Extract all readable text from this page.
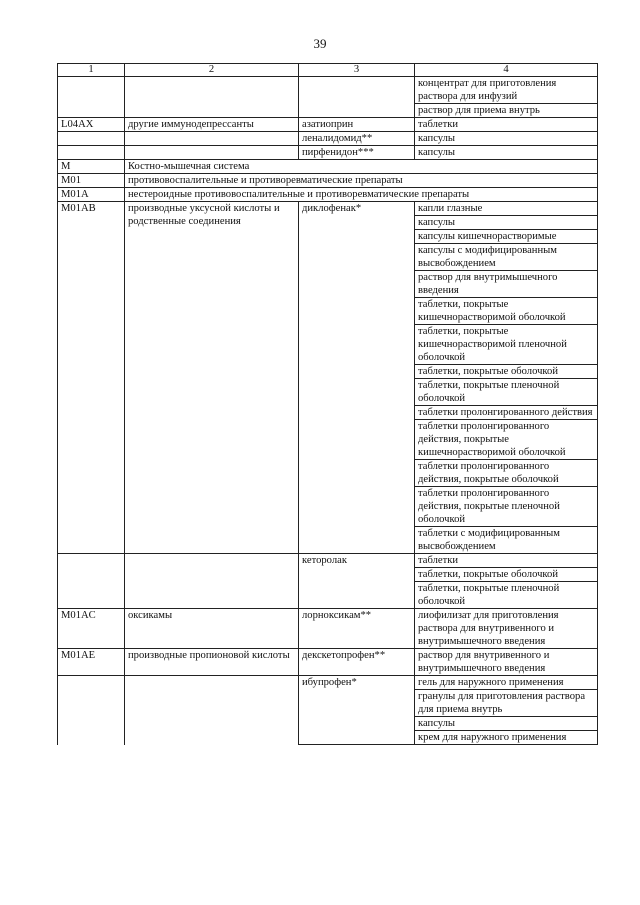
39
1	2	3	4
			концентрат для приготовления раствора для инфузий
			раствор для приема внутрь
L04AX	другие иммунодепрессанты	азатиоприн	таблетки
		леналидомид**	капсулы
		пирфенидон***	капсулы
M	Костно-мышечная система		
M01	противовоспалительные и противоревматические препараты		
M01A	нестероидные противовоспалительные и противоревматические препараты		
M01AB	производные уксусной кислоты и родственные соединения	диклофенак*	капли глазные
			капсулы
			капсулы кишечнорастворимые
			капсулы с модифицированным высвобождением
			раствор для внутримышечного введения
			таблетки, покрытые кишечнорастворимой оболочкой
			таблетки, покрытые кишечнорастворимой пленочной оболочкой
			таблетки, покрытые оболочкой
			таблетки, покрытые пленочной оболочкой
			таблетки пролонгированного действия
			таблетки пролонгированного действия, покрытые кишечнорастворимой оболочкой
			таблетки пролонгированного действия, покрытые оболочкой
			таблетки пролонгированного действия, покрытые пленочной оболочкой
			таблетки с модифицированным высвобождением
		кеторолак	таблетки
			таблетки, покрытые оболочкой
			таблетки, покрытые пленочной оболочкой
M01AC	оксикамы	лорноксикам**	лиофилизат для приготовления раствора для внутривенного и внутримышечного введения
M01AE	производные пропионовой кислоты	декскетопрофен**	раствор для внутривенного и внутримышечного введения
		ибупрофен*	гель для наружного применения
			гранулы для приготовления раствора для приема внутрь
			капсулы
			крем для наружного применения
